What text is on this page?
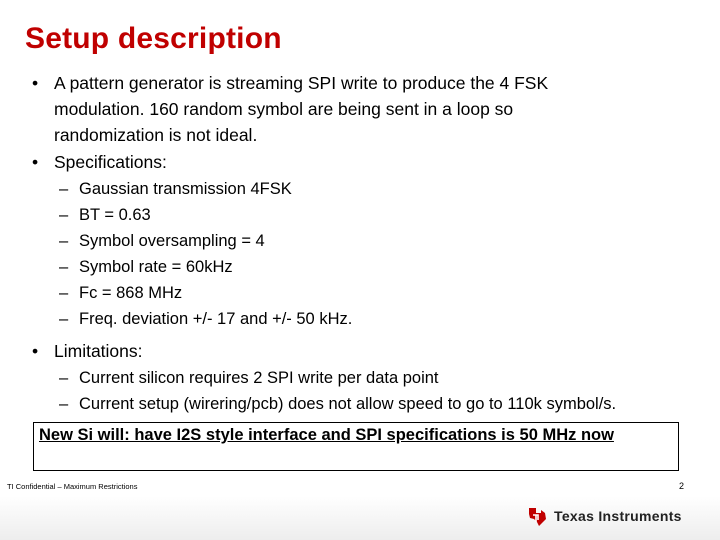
Setup description
• A pattern generator is streaming SPI write to produce the 4 FSK
modulation. 160 random symbol are being sent in a loop so
randomization is not ideal.
• Specifications:
– Gaussian transmission 4FSK
– BT = 0.63
– Symbol oversampling = 4
– Symbol rate = 60kHz
– Fc = 868 MHz
– Freq. deviation +/- 17 and +/- 50 kHz.
• Limitations:
– Current silicon requires 2 SPI write per data point
– Current setup (wirering/pcb) does not allow speed to go to 110k symbol/s.
New Si will: have I2S style interface and SPI specifications is 50 MHz now
TI Confidential – Maximum Restrictions	2
Texas Instruments
